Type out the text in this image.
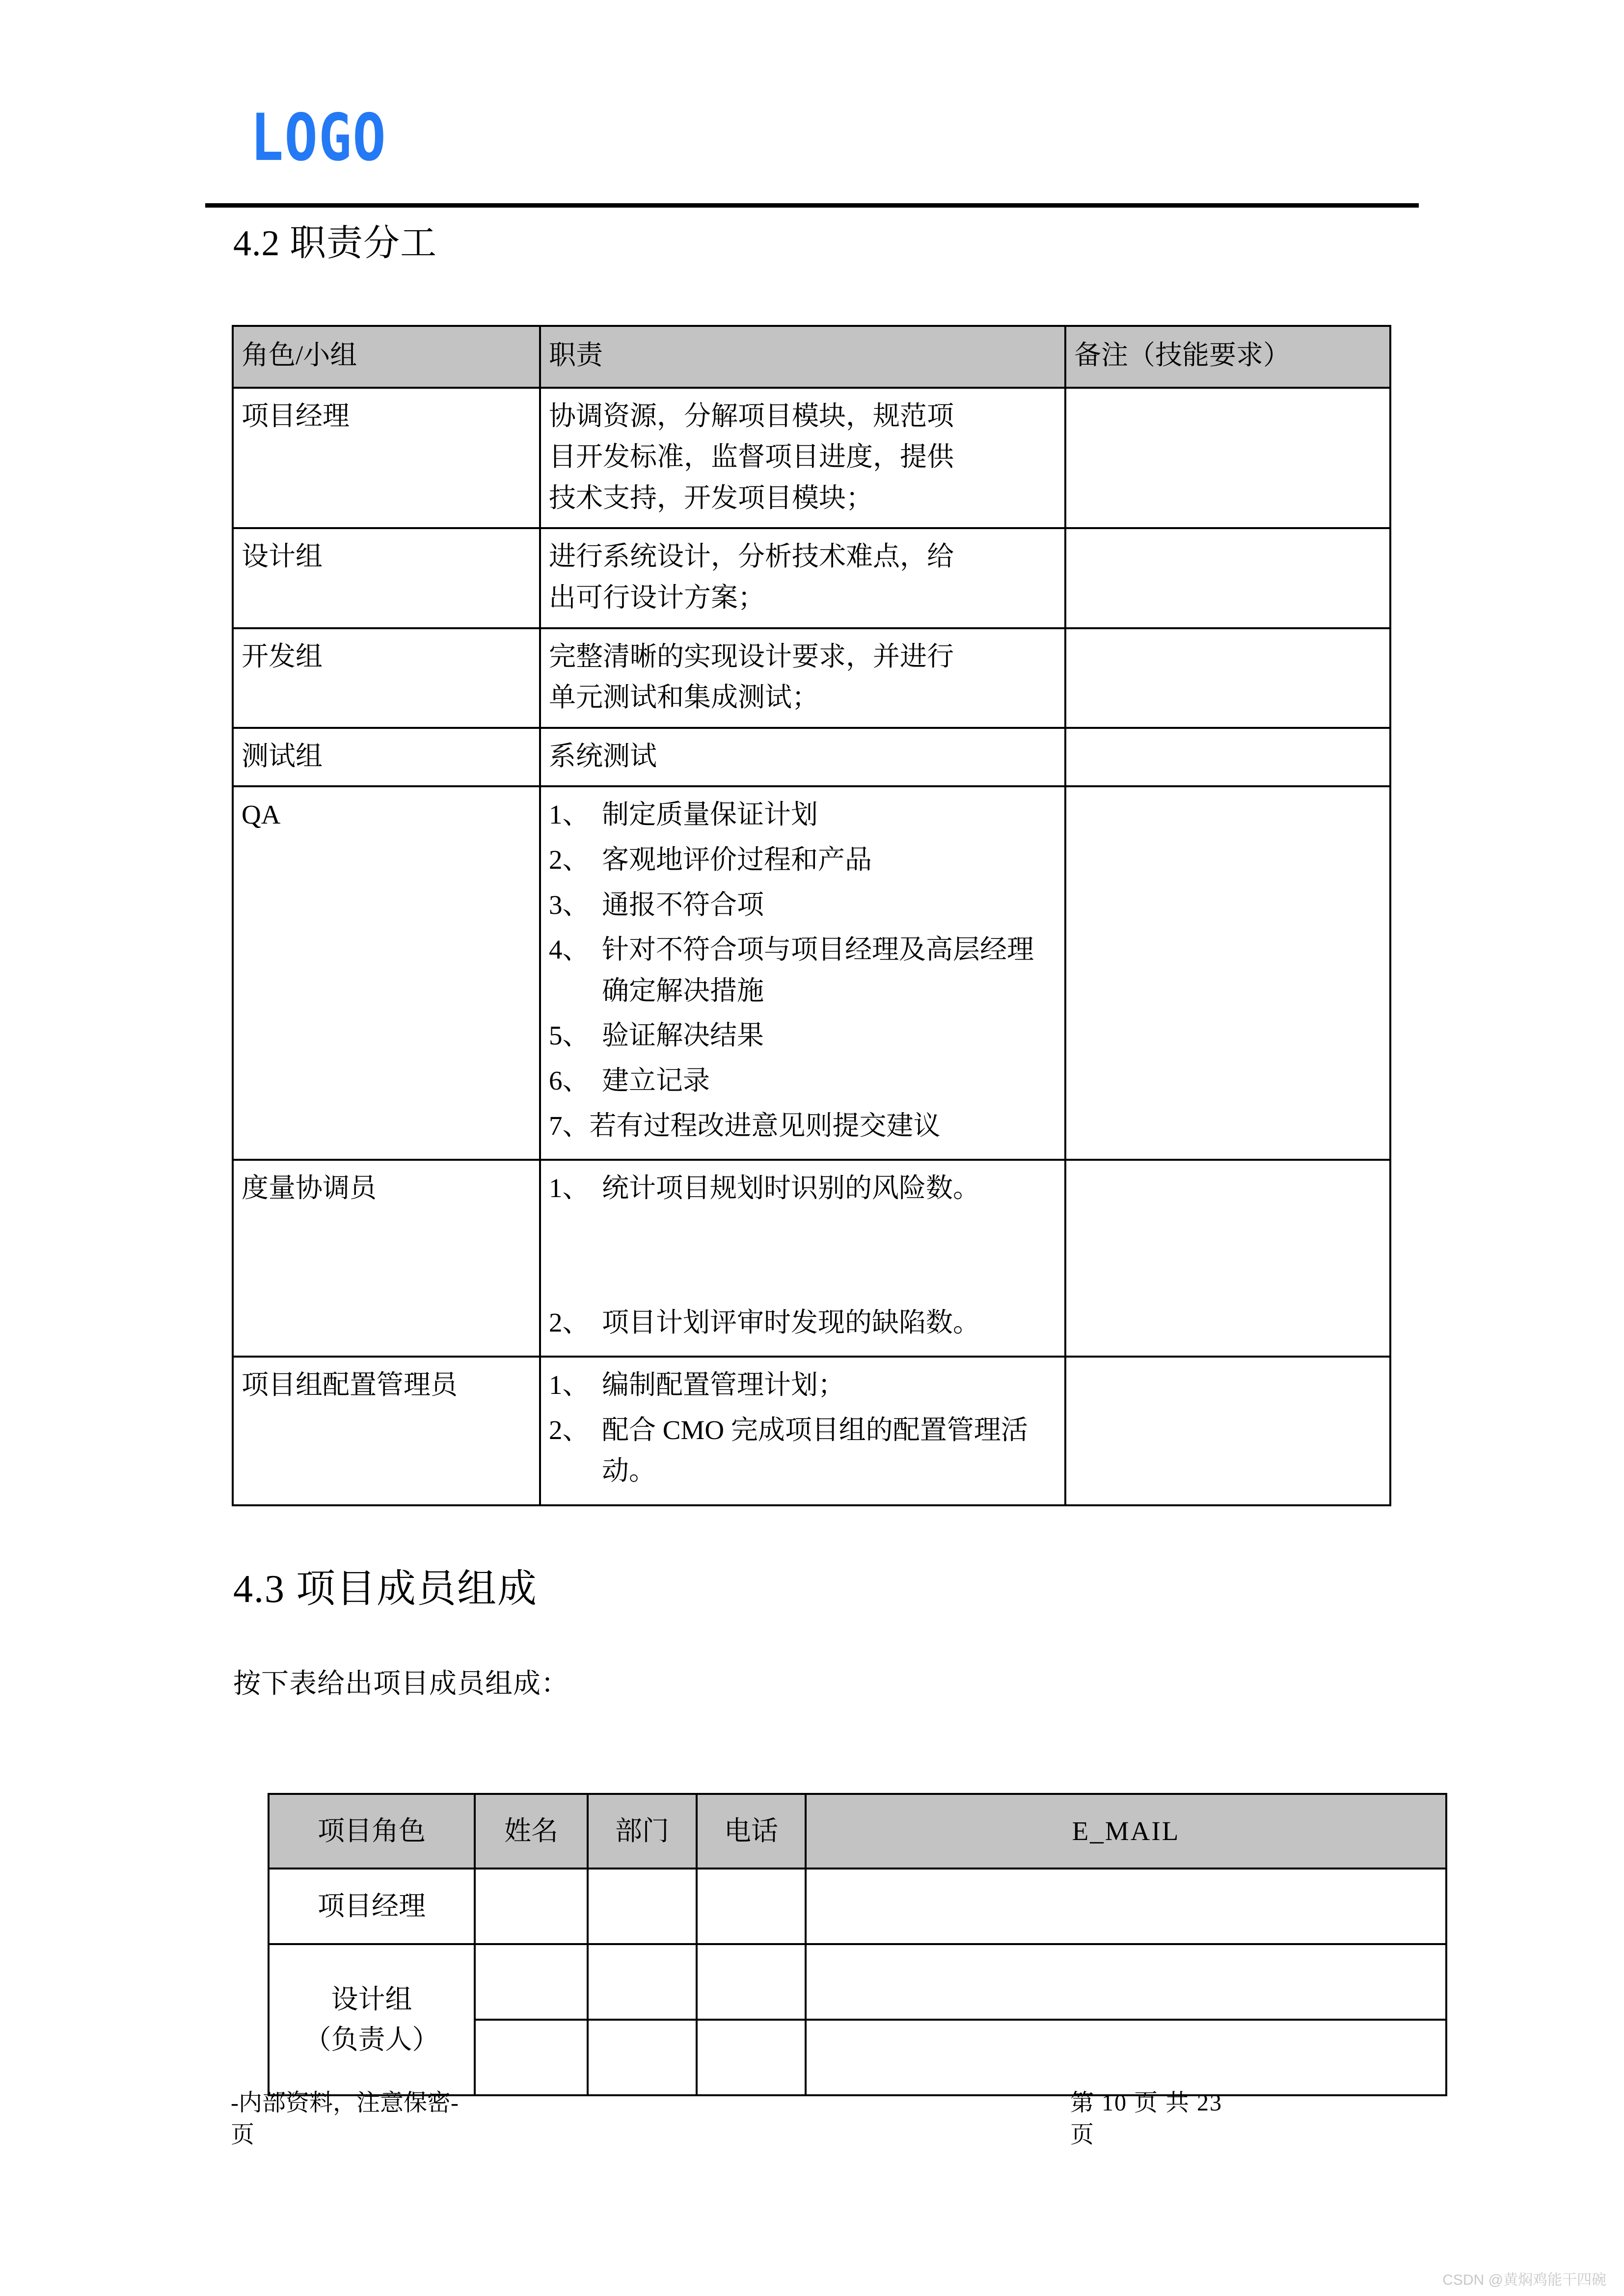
LOGO
4.2 职责分工
角色/小组	职责	备注（技能要求）
项目经理	协调资源，分解项目模块，规范项
目开发标准，监督项目进度，提供
技术支持，开发项目模块；	

设计组	进行系统设计，分析技术难点，给
出可行设计方案；	

开发组	完整清晰的实现设计要求，并进行
单元测试和集成测试；	

测试组	系统测试	

QA	1、 制定质量保证计划
2、 客观地评价过程和产品
3、 通报不符合项
4、 针对不符合项与项目经理及高层经理确定解决措施
5、 验证解决结果
6、 建立记录
7、若有过程改进意见则提交建议

度量协调员	1、 统计项目规划时识别的风险数。
2、 项目计划评审时发现的缺陷数。

项目组配置管理员	1、 编制配置管理计划；
2、 配合 CMO 完成项目组的配置管理活动。

4.3 项目成员组成
按下表给出项目成员组成：
项目角色	姓名	部门	电话	E_MAIL
项目经理				

设计组
（负责人）				

-内部资料，注意保密-
页
第 10 页 共 23
页
CSDN @黄焖鸡能干四碗
